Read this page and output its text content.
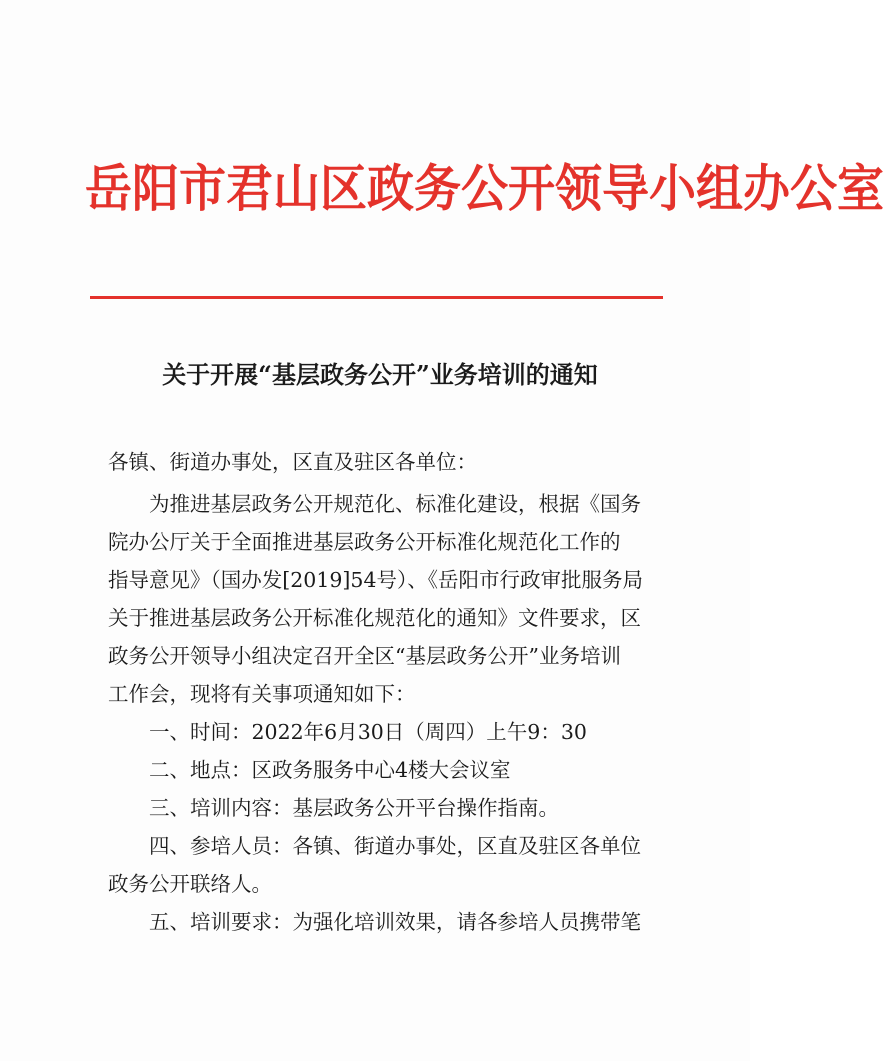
岳阳市君山区政务公开领导小组办公室
关于开展“基层政务公开”业务培训的通知
各镇、街道办事处，区直及驻区各单位：
为推进基层政务公开规范化、标准化建设，根据《国务
院办公厅关于全面推进基层政务公开标准化规范化工作的
指导意见》（国办发[2019]54号）、《岳阳市行政审批服务局
关于推进基层政务公开标准化规范化的通知》文件要求，区
政务公开领导小组决定召开全区“基层政务公开”业务培训
工作会，现将有关事项通知如下：
一、时间：2022年6月30日（周四）上午9：30
二、地点：区政务服务中心4楼大会议室
三、培训内容：基层政务公开平台操作指南。
四、参培人员：各镇、街道办事处，区直及驻区各单位
政务公开联络人。
五、培训要求：为强化培训效果，请各参培人员携带笔
